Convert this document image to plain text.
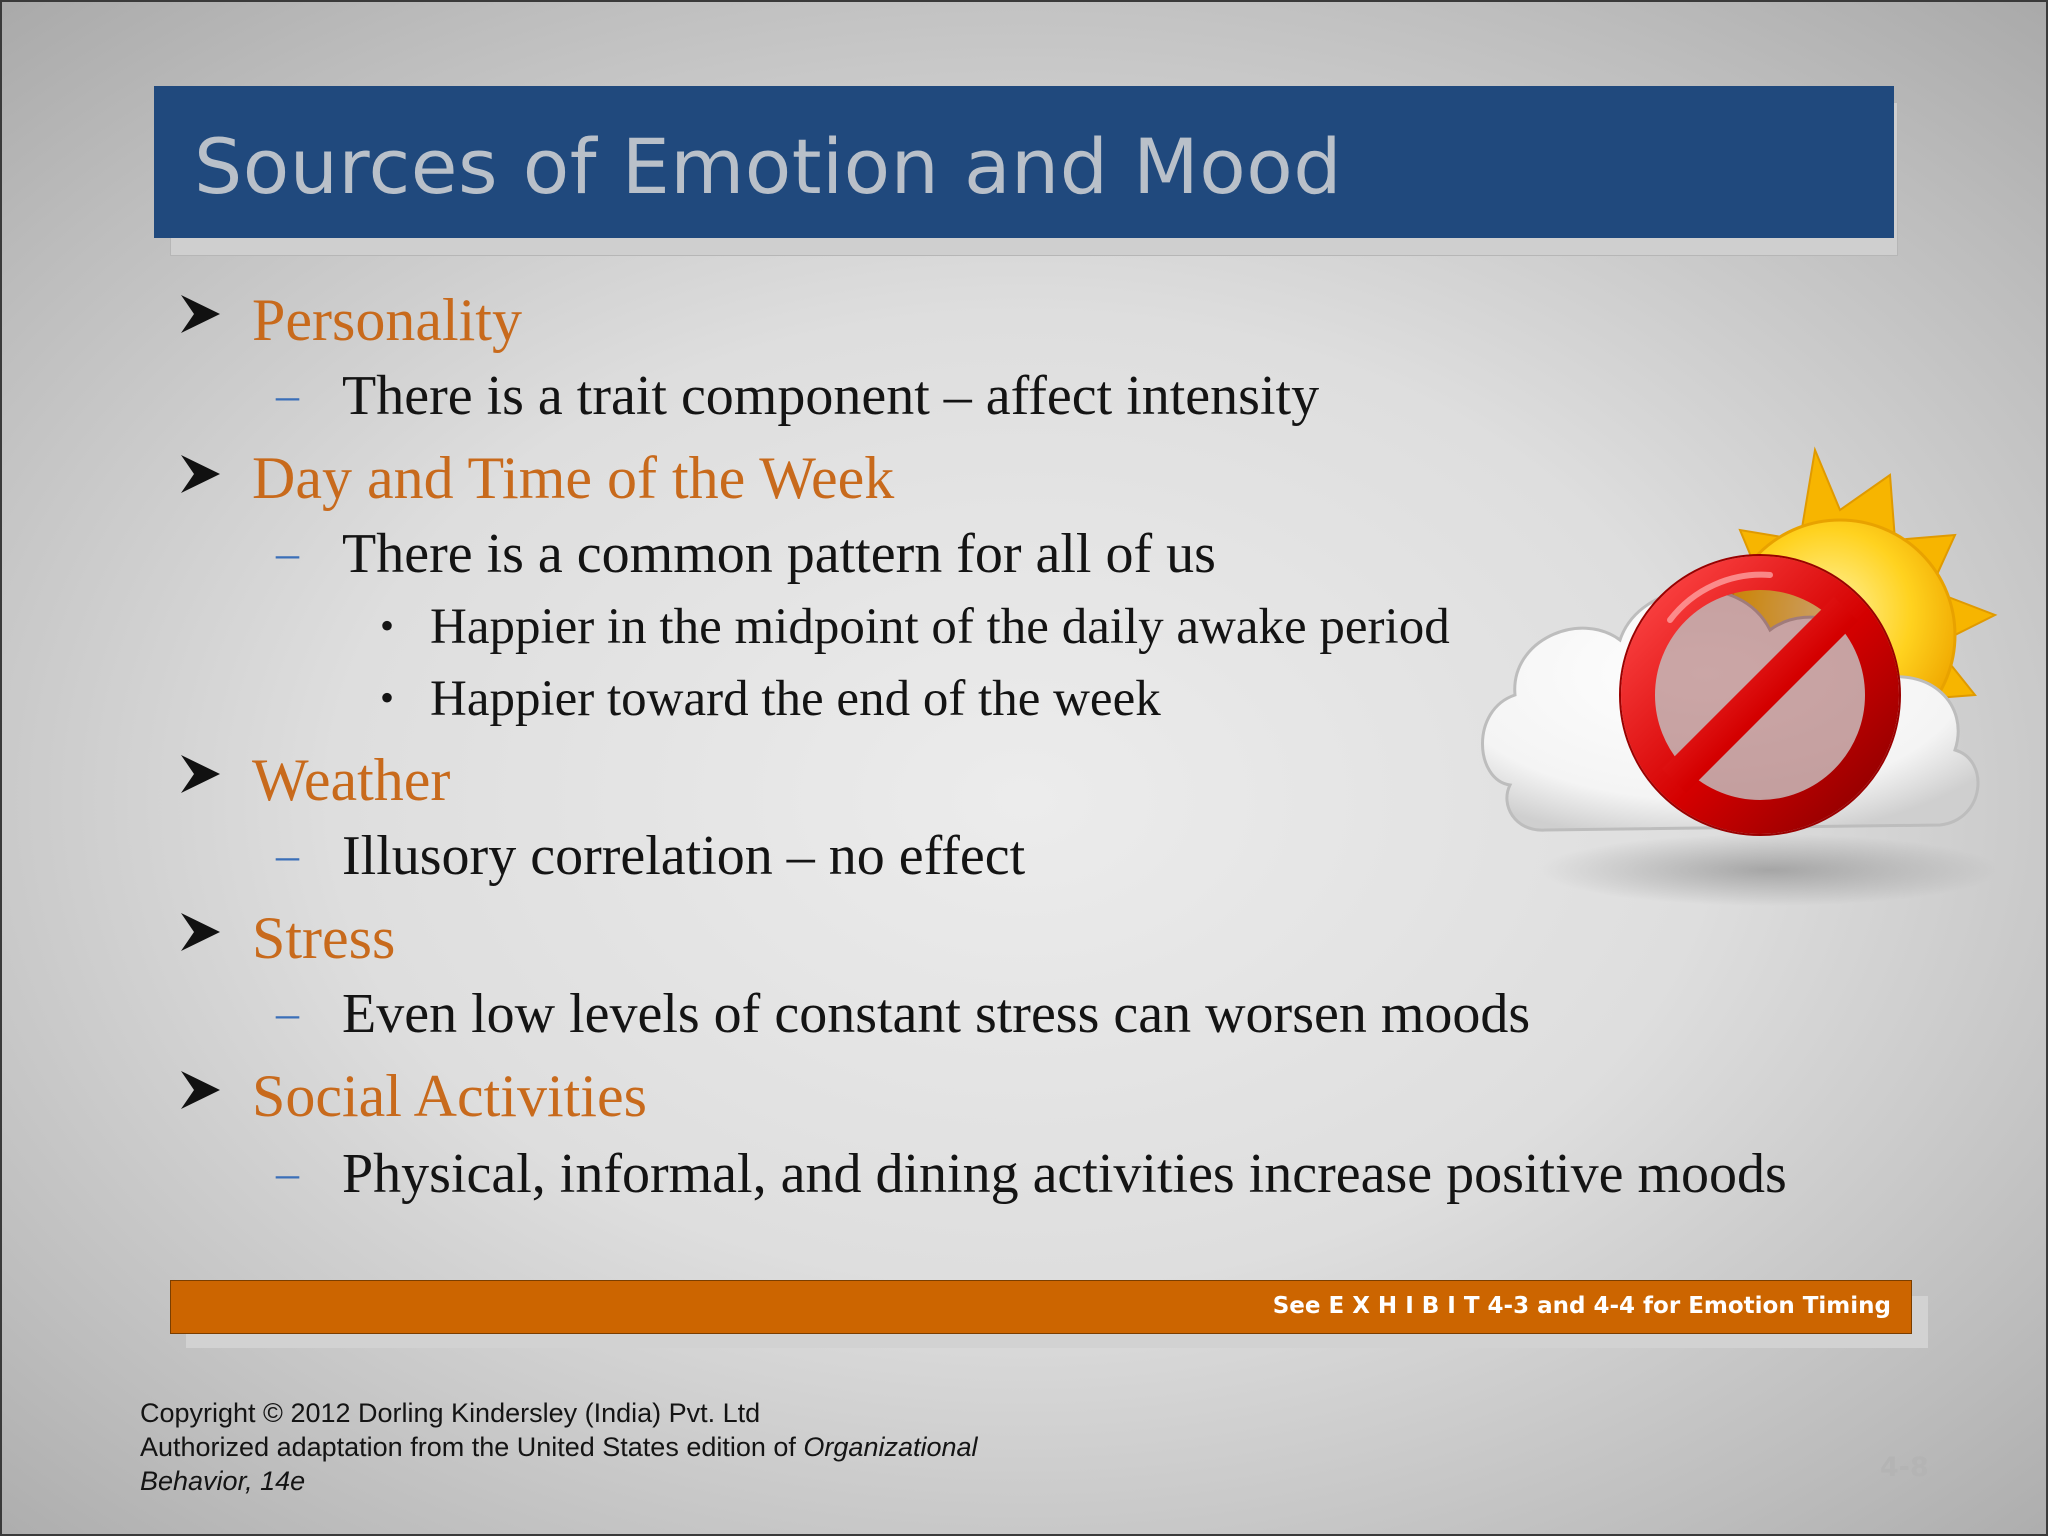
Sources of Emotion and Mood
Personality
– There is a trait component – affect intensity
Day and Time of the Week
– There is a common pattern for all of us
• Happier in the midpoint of the daily awake period
• Happier toward the end of the week
Weather
– Illusory correlation – no effect
Stress
– Even low levels of constant stress can worsen moods
Social Activities
– Physical, informal, and dining activities increase positive moods
See E X H I B I T 4-3 and 4-4 for Emotion Timing
Copyright © 2012 Dorling Kindersley (India) Pvt. Ltd
Authorized adaptation from the United States edition of Organizational
Behavior, 14e	4-8
